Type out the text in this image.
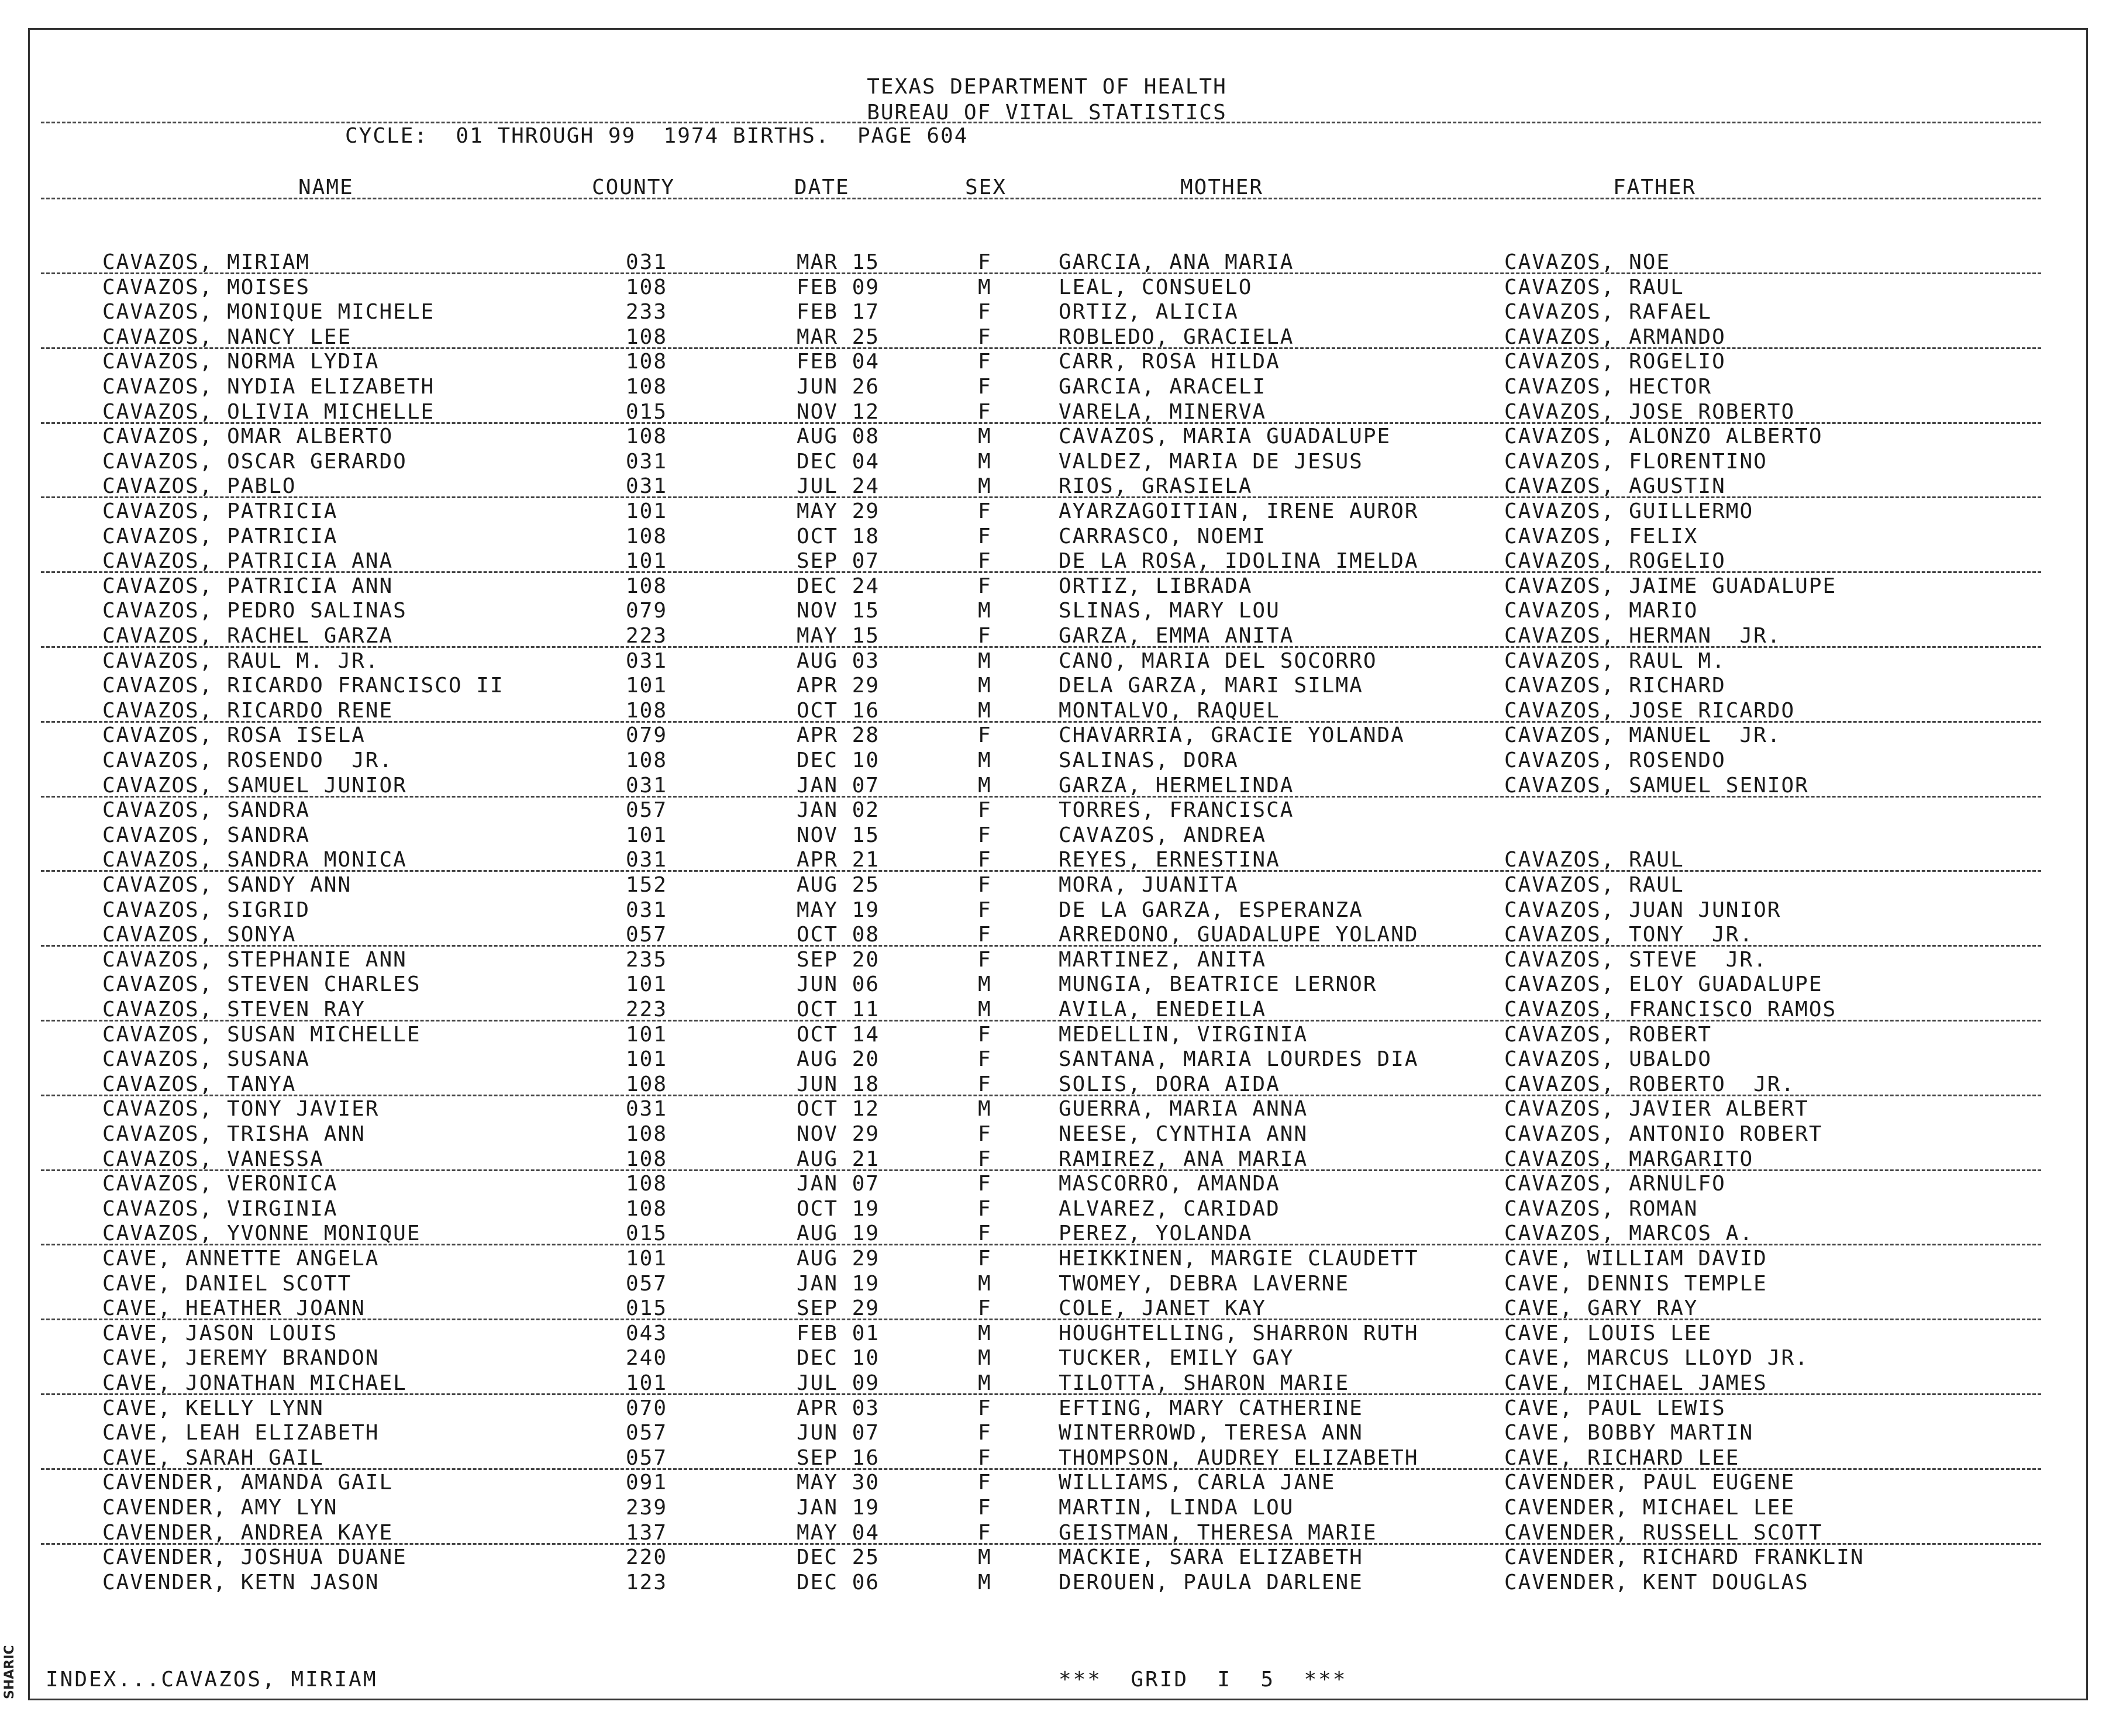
SHARIC
TEXAS DEPARTMENT OF HEALTH
BUREAU OF VITAL STATISTICS
CYCLE: 01 THROUGH 99 1974 BIRTHS. PAGE 604
NAME	COUNTY	DATE	SEX	MOTHER	FATHER
CAVAZOS, MIRIAM	031	MAR 15	F	GARCIA, ANA MARIA	CAVAZOS, NOE
CAVAZOS, MOISES	108	FEB 09	M	LEAL, CONSUELO	CAVAZOS, RAUL
CAVAZOS, MONIQUE MICHELE	233	FEB 17	F	ORTIZ, ALICIA	CAVAZOS, RAFAEL
CAVAZOS, NANCY LEE	108	MAR 25	F	ROBLEDO, GRACIELA	CAVAZOS, ARMANDO
CAVAZOS, NORMA LYDIA	108	FEB 04	F	CARR, ROSA HILDA	CAVAZOS, ROGELIO
CAVAZOS, NYDIA ELIZABETH	108	JUN 26	F	GARCIA, ARACELI	CAVAZOS, HECTOR
CAVAZOS, OLIVIA MICHELLE	015	NOV 12	F	VARELA, MINERVA	CAVAZOS, JOSE ROBERTO
CAVAZOS, OMAR ALBERTO	108	AUG 08	M	CAVAZOS, MARIA GUADALUPE	CAVAZOS, ALONZO ALBERTO
CAVAZOS, OSCAR GERARDO	031	DEC 04	M	VALDEZ, MARIA DE JESUS	CAVAZOS, FLORENTINO
CAVAZOS, PABLO	031	JUL 24	M	RIOS, GRASIELA	CAVAZOS, AGUSTIN
CAVAZOS, PATRICIA	101	MAY 29	F	AYARZAGOITIAN, IRENE AUROR	CAVAZOS, GUILLERMO
CAVAZOS, PATRICIA	108	OCT 18	F	CARRASCO, NOEMI	CAVAZOS, FELIX
CAVAZOS, PATRICIA ANA	101	SEP 07	F	DE LA ROSA, IDOLINA IMELDA	CAVAZOS, ROGELIO
CAVAZOS, PATRICIA ANN	108	DEC 24	F	ORTIZ, LIBRADA	CAVAZOS, JAIME GUADALUPE
CAVAZOS, PEDRO SALINAS	079	NOV 15	M	SLINAS, MARY LOU	CAVAZOS, MARIO
CAVAZOS, RACHEL GARZA	223	MAY 15	F	GARZA, EMMA ANITA	CAVAZOS, HERMAN  JR.
CAVAZOS, RAUL M. JR.	031	AUG 03	M	CANO, MARIA DEL SOCORRO	CAVAZOS, RAUL M.
CAVAZOS, RICARDO FRANCISCO II	101	APR 29	M	DELA GARZA, MARI SILMA	CAVAZOS, RICHARD
CAVAZOS, RICARDO RENE	108	OCT 16	M	MONTALVO, RAQUEL	CAVAZOS, JOSE RICARDO
CAVAZOS, ROSA ISELA	079	APR 28	F	CHAVARRIA, GRACIE YOLANDA	CAVAZOS, MANUEL  JR.
CAVAZOS, ROSENDO  JR.	108	DEC 10	M	SALINAS, DORA	CAVAZOS, ROSENDO
CAVAZOS, SAMUEL JUNIOR	031	JAN 07	M	GARZA, HERMELINDA	CAVAZOS, SAMUEL SENIOR
CAVAZOS, SANDRA	057	JAN 02	F	TORRES, FRANCISCA
CAVAZOS, SANDRA	101	NOV 15	F	CAVAZOS, ANDREA
CAVAZOS, SANDRA MONICA	031	APR 21	F	REYES, ERNESTINA	CAVAZOS, RAUL
CAVAZOS, SANDY ANN	152	AUG 25	F	MORA, JUANITA	CAVAZOS, RAUL
CAVAZOS, SIGRID	031	MAY 19	F	DE LA GARZA, ESPERANZA	CAVAZOS, JUAN JUNIOR
CAVAZOS, SONYA	057	OCT 08	F	ARREDONO, GUADALUPE YOLAND	CAVAZOS, TONY  JR.
CAVAZOS, STEPHANIE ANN	235	SEP 20	F	MARTINEZ, ANITA	CAVAZOS, STEVE  JR.
CAVAZOS, STEVEN CHARLES	101	JUN 06	M	MUNGIA, BEATRICE LERNOR	CAVAZOS, ELOY GUADALUPE
CAVAZOS, STEVEN RAY	223	OCT 11	M	AVILA, ENEDEILA	CAVAZOS, FRANCISCO RAMOS
CAVAZOS, SUSAN MICHELLE	101	OCT 14	F	MEDELLIN, VIRGINIA	CAVAZOS, ROBERT
CAVAZOS, SUSANA	101	AUG 20	F	SANTANA, MARIA LOURDES DIA	CAVAZOS, UBALDO
CAVAZOS, TANYA	108	JUN 18	F	SOLIS, DORA AIDA	CAVAZOS, ROBERTO  JR.
CAVAZOS, TONY JAVIER	031	OCT 12	M	GUERRA, MARIA ANNA	CAVAZOS, JAVIER ALBERT
CAVAZOS, TRISHA ANN	108	NOV 29	F	NEESE, CYNTHIA ANN	CAVAZOS, ANTONIO ROBERT
CAVAZOS, VANESSA	108	AUG 21	F	RAMIREZ, ANA MARIA	CAVAZOS, MARGARITO
CAVAZOS, VERONICA	108	JAN 07	F	MASCORRO, AMANDA	CAVAZOS, ARNULFO
CAVAZOS, VIRGINIA	108	OCT 19	F	ALVAREZ, CARIDAD	CAVAZOS, ROMAN
CAVAZOS, YVONNE MONIQUE	015	AUG 19	F	PEREZ, YOLANDA	CAVAZOS, MARCOS A.
CAVE, ANNETTE ANGELA	101	AUG 29	F	HEIKKINEN, MARGIE CLAUDETT	CAVE, WILLIAM DAVID
CAVE, DANIEL SCOTT	057	JAN 19	M	TWOMEY, DEBRA LAVERNE	CAVE, DENNIS TEMPLE
CAVE, HEATHER JOANN	015	SEP 29	F	COLE, JANET KAY	CAVE, GARY RAY
CAVE, JASON LOUIS	043	FEB 01	M	HOUGHTELLING, SHARRON RUTH	CAVE, LOUIS LEE
CAVE, JEREMY BRANDON	240	DEC 10	M	TUCKER, EMILY GAY	CAVE, MARCUS LLOYD JR.
CAVE, JONATHAN MICHAEL	101	JUL 09	M	TILOTTA, SHARON MARIE	CAVE, MICHAEL JAMES
CAVE, KELLY LYNN	070	APR 03	F	EFTING, MARY CATHERINE	CAVE, PAUL LEWIS
CAVE, LEAH ELIZABETH	057	JUN 07	F	WINTERROWD, TERESA ANN	CAVE, BOBBY MARTIN
CAVE, SARAH GAIL	057	SEP 16	F	THOMPSON, AUDREY ELIZABETH	CAVE, RICHARD LEE
CAVENDER, AMANDA GAIL	091	MAY 30	F	WILLIAMS, CARLA JANE	CAVENDER, PAUL EUGENE
CAVENDER, AMY LYN	239	JAN 19	F	MARTIN, LINDA LOU	CAVENDER, MICHAEL LEE
CAVENDER, ANDREA KAYE	137	MAY 04	F	GEISTMAN, THERESA MARIE	CAVENDER, RUSSELL SCOTT
CAVENDER, JOSHUA DUANE	220	DEC 25	M	MACKIE, SARA ELIZABETH	CAVENDER, RICHARD FRANKLIN
CAVENDER, KETN JASON	123	DEC 06	M	DEROUEN, PAULA DARLENE	CAVENDER, KENT DOUGLAS
INDEX...CAVAZOS, MIRIAM	***  GRID  I  5  ***
